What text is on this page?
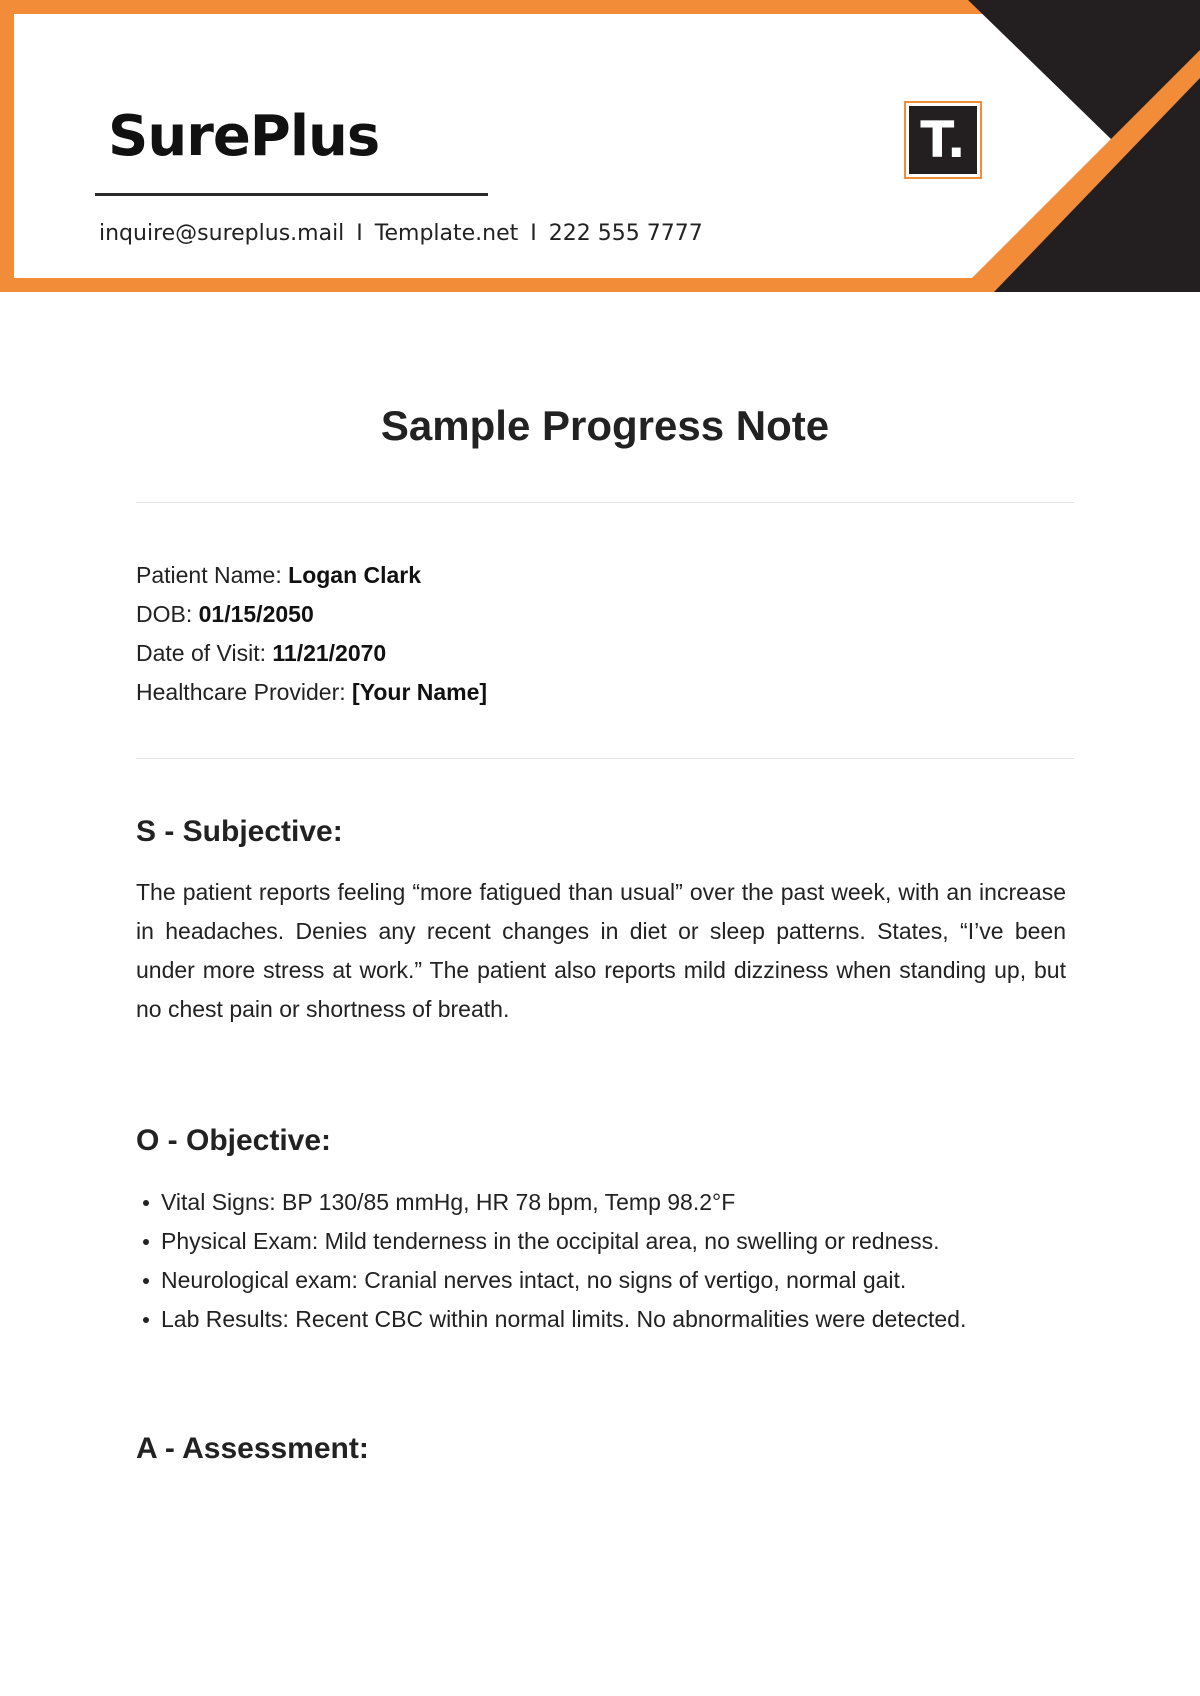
SurePlus
inquire@sureplus.mail I Template.net I 222 555 7777
T.
Sample Progress Note
Patient Name: Logan Clark
DOB: 01/15/2050
Date of Visit: 11/21/2070
Healthcare Provider: [Your Name]
S - Subjective:

The patient reports feeling “more fatigued than usual” over the past week, with an increase in headaches. Denies any recent changes in diet or sleep patterns. States, “I’ve been under more stress at work.” The patient also reports mild dizziness when standing up, but no chest pain or shortness of breath.

O - Objective:
Vital Signs: BP 130/85 mmHg, HR 78 bpm, Temp 98.2°F
Physical Exam: Mild tenderness in the occipital area, no swelling or redness.
Neurological exam: Cranial nerves intact, no signs of vertigo, normal gait.
Lab Results: Recent CBC within normal limits. No abnormalities were detected.
A - Assessment:
